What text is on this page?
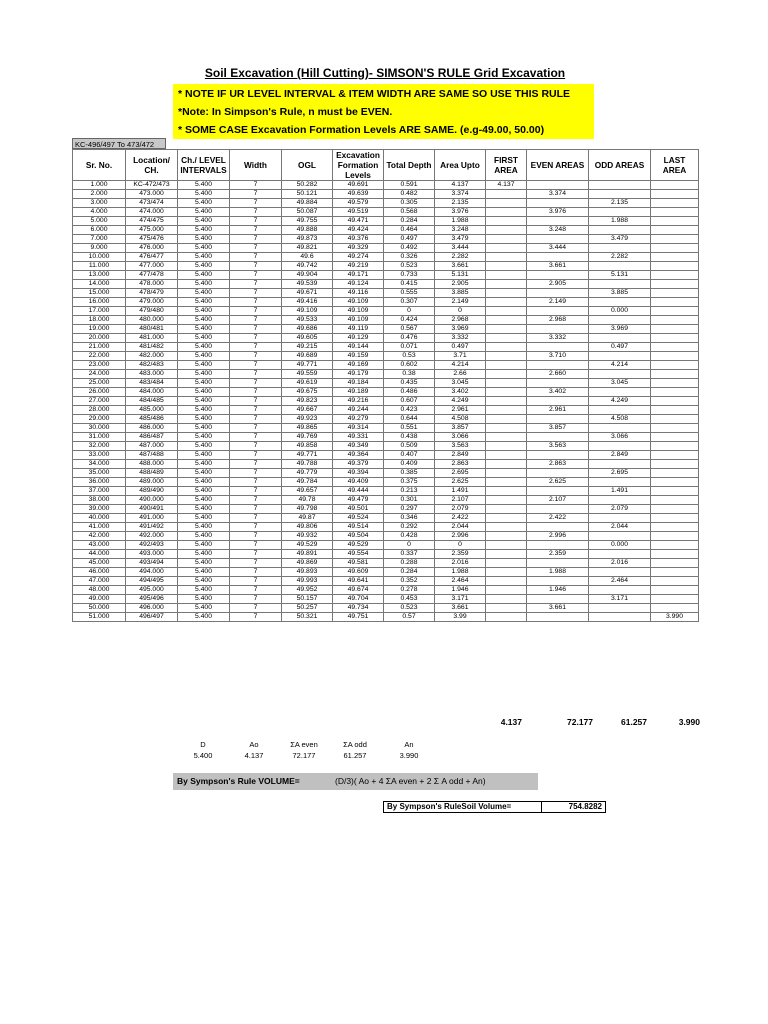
Soil Excavation (Hill Cutting)- SIMSON'S RULE Grid Excavation
* NOTE IF UR LEVEL INTERVAL & ITEM WIDTH ARE SAME SO USE THIS RULE
*Note: In Simpson's Rule, n must be EVEN.
* SOME CASE Excavation Formation Levels ARE SAME. (e.g-49.00, 50.00)
KC-496/497 To 473/472
Sr. No.	Location/ CH.	Ch./ LEVEL INTERVALS	Width	OGL	Excavation Formation Levels	Total Depth	Area Upto	FIRST AREA	EVEN AREAS	ODD AREAS	LAST AREA
1.000	KC-472/473	5.400	7	50.282	49.691	0.591	4.137	4.137			
2.000	473.000	5.400	7	50.121	49.639	0.482	3.374		3.374		
3.000	473/474	5.400	7	49.884	49.579	0.305	2.135			2.135	
4.000	474.000	5.400	7	50.087	49.519	0.568	3.976		3.976		
5.000	474/475	5.400	7	49.755	49.471	0.284	1.988			1.988	
6.000	475.000	5.400	7	49.888	49.424	0.464	3.248		3.248		
7.000	475/476	5.400	7	49.873	49.376	0.497	3.479			3.479	
9.000	476.000	5.400	7	49.821	49.329	0.492	3.444		3.444		
10.000	476/477	5.400	7	49.6	49.274	0.326	2.282			2.282	
11.000	477.000	5.400	7	49.742	49.219	0.523	3.661		3.661		
13.000	477/478	5.400	7	49.904	49.171	0.733	5.131			5.131	
14.000	478.000	5.400	7	49.539	49.124	0.415	2.905		2.905		
15.000	478/479	5.400	7	49.671	49.116	0.555	3.885			3.885	
16.000	479.000	5.400	7	49.416	49.109	0.307	2.149		2.149		
17.000	479/480	5.400	7	49.109	49.109	0	0			0.000	
18.000	480.000	5.400	7	49.533	49.109	0.424	2.968		2.968		
19.000	480/481	5.400	7	49.686	49.119	0.567	3.969			3.969	
20.000	481.000	5.400	7	49.605	49.129	0.476	3.332		3.332		
21.000	481/482	5.400	7	49.215	49.144	0.071	0.497			0.497	
22.000	482.000	5.400	7	49.689	49.159	0.53	3.71		3.710		
23.000	482/483	5.400	7	49.771	49.169	0.602	4.214			4.214	
24.000	483.000	5.400	7	49.559	49.179	0.38	2.66		2.660		
25.000	483/484	5.400	7	49.619	49.184	0.435	3.045			3.045	
26.000	484.000	5.400	7	49.675	49.189	0.486	3.402		3.402		
27.000	484/485	5.400	7	49.823	49.216	0.607	4.249			4.249	
28.000	485.000	5.400	7	49.667	49.244	0.423	2.961		2.961		
29.000	485/486	5.400	7	49.923	49.279	0.644	4.508			4.508	
30.000	486.000	5.400	7	49.865	49.314	0.551	3.857		3.857		
31.000	486/487	5.400	7	49.769	49.331	0.438	3.066			3.066	
32.000	487.000	5.400	7	49.858	49.349	0.509	3.563		3.563		
33.000	487/488	5.400	7	49.771	49.364	0.407	2.849			2.849	
34.000	488.000	5.400	7	49.788	49.379	0.409	2.863		2.863		
35.000	488/489	5.400	7	49.779	49.394	0.385	2.695			2.695	
36.000	489.000	5.400	7	49.784	49.409	0.375	2.625		2.625		
37.000	489/490	5.400	7	49.657	49.444	0.213	1.491			1.491	
38.000	490.000	5.400	7	49.78	49.479	0.301	2.107		2.107		
39.000	490/491	5.400	7	49.798	49.501	0.297	2.079			2.079	
40.000	491.000	5.400	7	49.87	49.524	0.346	2.422		2.422		
41.000	491/492	5.400	7	49.806	49.514	0.292	2.044			2.044	
42.000	492.000	5.400	7	49.932	49.504	0.428	2.996		2.996		
43.000	492/493	5.400	7	49.529	49.529	0	0			0.000	
44.000	493.000	5.400	7	49.891	49.554	0.337	2.359		2.359		
45.000	493/494	5.400	7	49.869	49.581	0.288	2.016			2.016	
46.000	494.000	5.400	7	49.893	49.609	0.284	1.988		1.988		
47.000	494/495	5.400	7	49.993	49.641	0.352	2.464			2.464	
48.000	495.000	5.400	7	49.952	49.674	0.278	1.946		1.946		
49.000	495/496	5.400	7	50.157	49.704	0.453	3.171			3.171	
50.000	496.000	5.400	7	50.257	49.734	0.523	3.661		3.661		
51.000	496/497	5.400	7	50.321	49.751	0.57	3.99				3.990
4.137	72.177	61.257	3.990
D
5.400
Ao
4.137
ΣA even
72.177
ΣA odd
61.257
An
3.990
By Sympson's Rule VOLUME=	(D/3)( Ao + 4 ΣA even + 2 Σ A odd + An)
By Sympson's RuleSoil Volume=	754.8282
